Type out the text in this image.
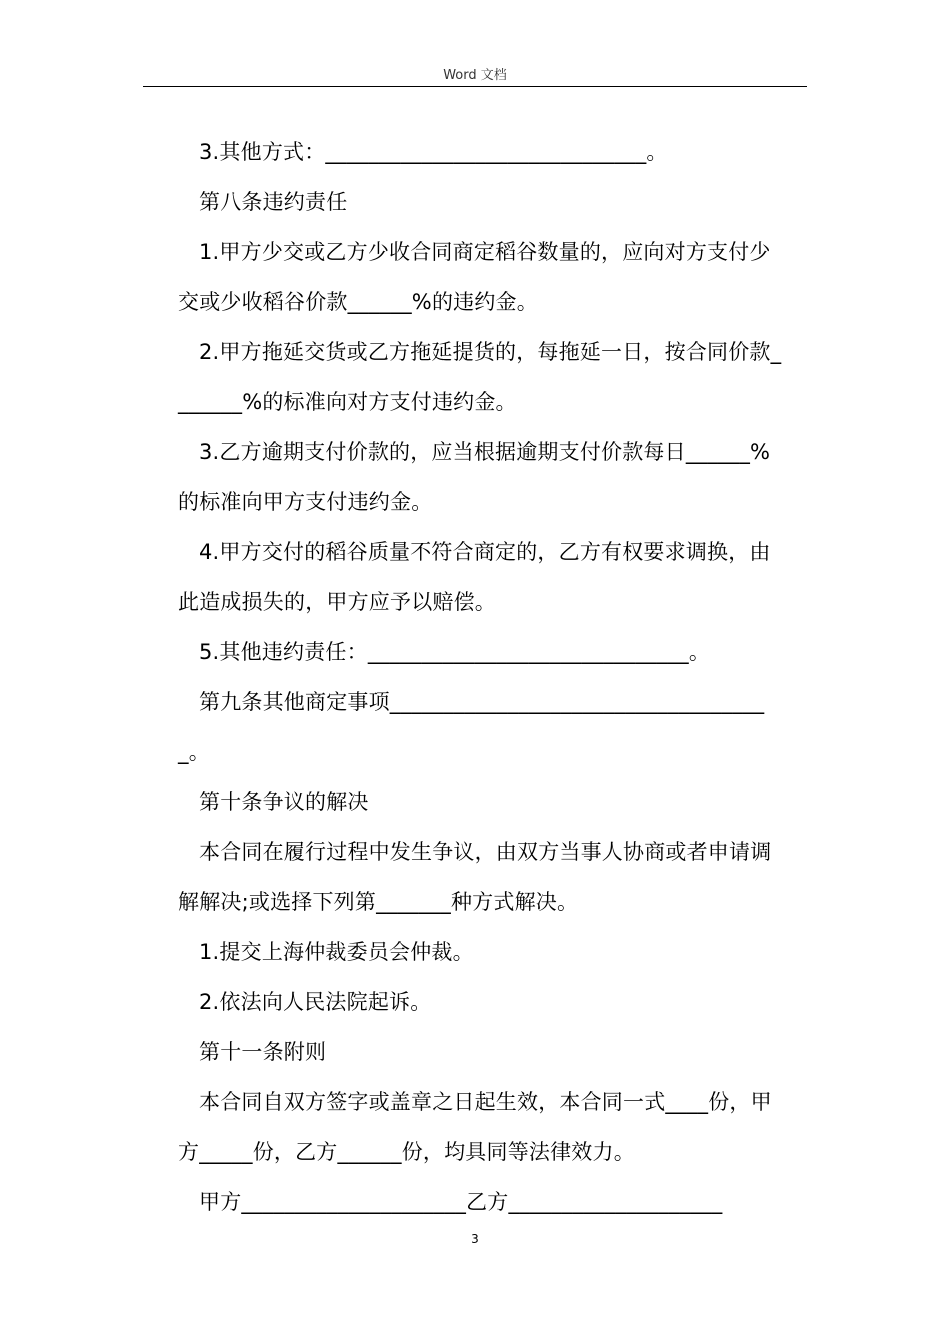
Word 文档
3.其他方式：______________________________。
第八条违约责任
1.甲方少交或乙方少收合同商定稻谷数量的，应向对方支付少
交或少收稻谷价款______%的违约金。
2.甲方拖延交货或乙方拖延提货的，每拖延一日，按合同价款_
______%的标准向对方支付违约金。
3.乙方逾期支付价款的，应当根据逾期支付价款每日______%
的标准向甲方支付违约金。
4.甲方交付的稻谷质量不符合商定的，乙方有权要求调换，由
此造成损失的，甲方应予以赔偿。
5.其他违约责任：______________________________。
第九条其他商定事项___________________________________
_。
第十条争议的解决
本合同在履行过程中发生争议，由双方当事人协商或者申请调
解解决;或选择下列第_______种方式解决。
1.提交上海仲裁委员会仲裁。
2.依法向人民法院起诉。
第十一条附则
本合同自双方签字或盖章之日起生效，本合同一式____份，甲
方_____份，乙方______份，均具同等法律效力。
甲方_____________________乙方____________________
3
